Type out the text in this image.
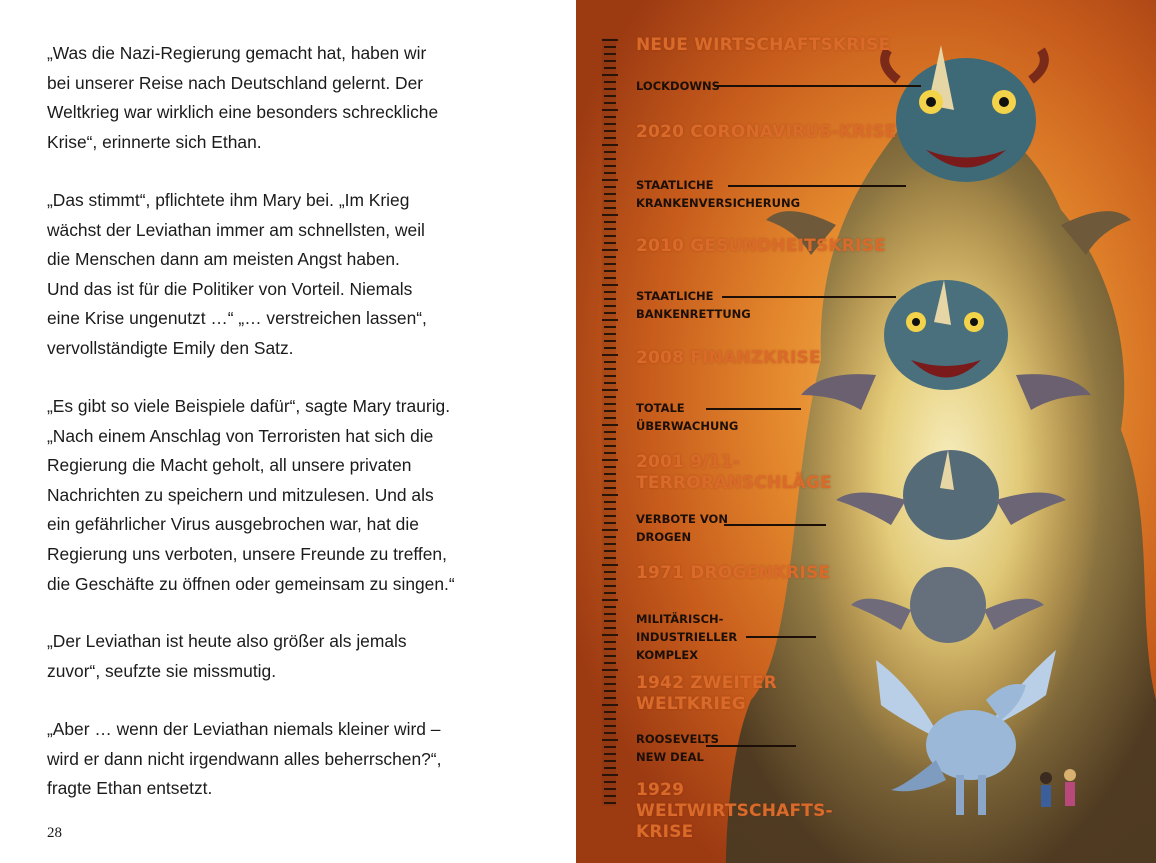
„Was die Nazi-Regierung gemacht hat, haben wir
bei unserer Reise nach Deutschland gelernt. Der
Weltkrieg war wirklich eine besonders schreckliche
Krise“, erinnerte sich Ethan.

„Das stimmt“, pflichtete ihm Mary bei. „Im Krieg
wächst der Leviathan immer am schnellsten, weil
die Menschen dann am meisten Angst haben.
Und das ist für die Politiker von Vorteil. Niemals
eine Krise ungenutzt …“ „… verstreichen lassen“,
vervollständigte Emily den Satz.

„Es gibt so viele Beispiele dafür“, sagte Mary traurig.
„Nach einem Anschlag von Terroristen hat sich die
Regierung die Macht geholt, all unsere privaten
Nachrichten zu speichern und mitzulesen. Und als
ein gefährlicher Virus ausgebrochen war, hat die
Regierung uns verboten, unsere Freunde zu treffen,
die Geschäfte zu öffnen oder gemeinsam zu singen.“

„Der Leviathan ist heute also größer als jemals
zuvor“, seufzte sie missmutig.

„Aber … wenn der Leviathan niemals kleiner wird –
wird er dann nicht irgendwann alles beherrschen?“,
fragte Ethan entsetzt.

28
NEUE WIRTSCHAFTSKRISE
2020 CORONAVIRUS-KRISE
2010 GESUNDHEITSKRISE
2008 FINANZKRISE
2001 9/11-
TERRORANSCHLÄGE
1971 DROGENKRISE
1942 ZWEITER
WELTKRIEG
1929
WELTWIRTSCHAFTS-
KRISE
LOCKDOWNS
STAATLICHE
KRANKENVERSICHERUNG
STAATLICHE
BANKENRETTUNG
TOTALE
ÜBERWACHUNG
VERBOTE VON
DROGEN
MILITÄRISCH-
INDUSTRIELLER
KOMPLEX
ROOSEVELTS
NEW DEAL
